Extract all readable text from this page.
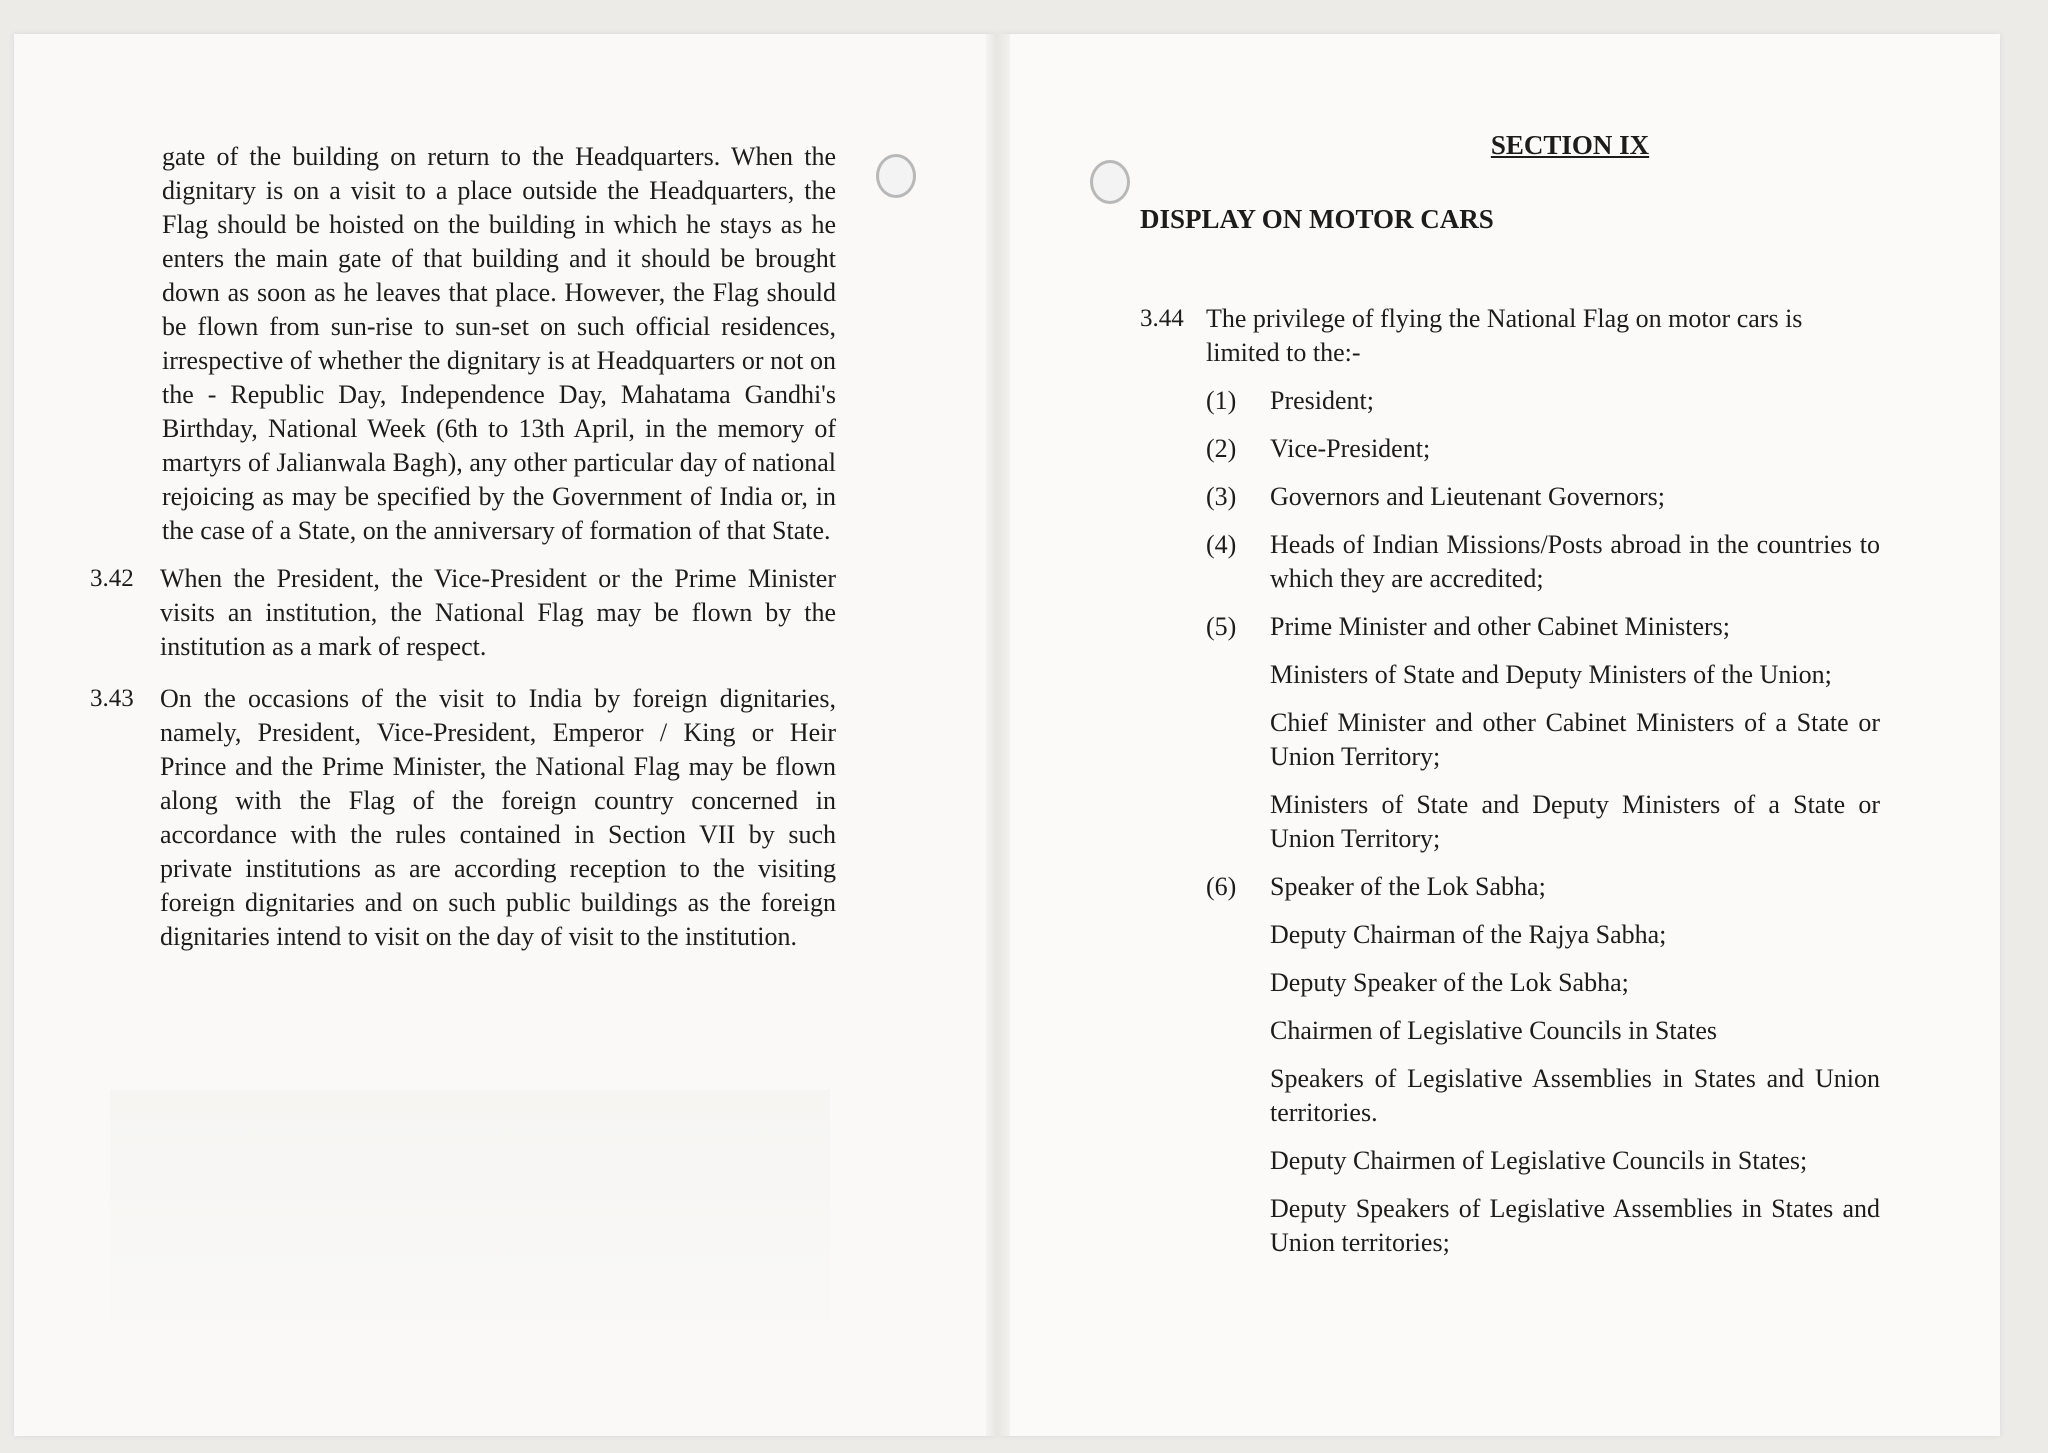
gate of the building on return to the Headquarters. When the dignitary is on a visit to a place outside the Headquarters, the Flag should be hoisted on the building in which he stays as he enters the main gate of that building and it should be brought down as soon as he leaves that place. However, the Flag should be flown from sun-rise to sun-set on such official residences, irrespective of whether the dignitary is at Headquarters or not on the - Republic Day, Independence Day, Mahatama Gandhi's Birthday, National Week (6th to 13th April, in the memory of martyrs of Jalianwala Bagh), any other particular day of national rejoicing as may be specified by the Government of India or, in the case of a State, on the anniversary of formation of that State.
3.42	When the President, the Vice-President or the Prime Minister visits an institution, the National Flag may be flown by the institution as a mark of respect.
3.43	On the occasions of the visit to India by foreign dignitaries, namely, President, Vice-President, Emperor / King or Heir Prince and the Prime Minister, the National Flag may be flown along with the Flag of the foreign country concerned in accordance with the rules contained in Section VII by such private institutions as are according reception to the visiting foreign dignitaries and on such public buildings as the foreign dignitaries intend to visit on the day of visit to the institution.
SECTION IX
DISPLAY ON MOTOR CARS
3.44 The privilege of flying the National Flag on motor cars is limited to the:-
(1)	President;
(2)	Vice-President;
(3)	Governors and Lieutenant Governors;
(4)	Heads of Indian Missions/Posts abroad in the countries to which they are accredited;
(5)	Prime Minister and other Cabinet Ministers;
Ministers of State and Deputy Ministers of the Union;
Chief Minister and other Cabinet Ministers of a State or Union Territory;
Ministers of State and Deputy Ministers of a State or Union Territory;
(6)	Speaker of the Lok Sabha;
Deputy Chairman of the Rajya Sabha;
Deputy Speaker of the Lok Sabha;
Chairmen of Legislative Councils in States
Speakers of Legislative Assemblies in States and Union territories.
Deputy Chairmen of Legislative Councils in States;
Deputy Speakers of Legislative Assemblies in States and Union territories;
